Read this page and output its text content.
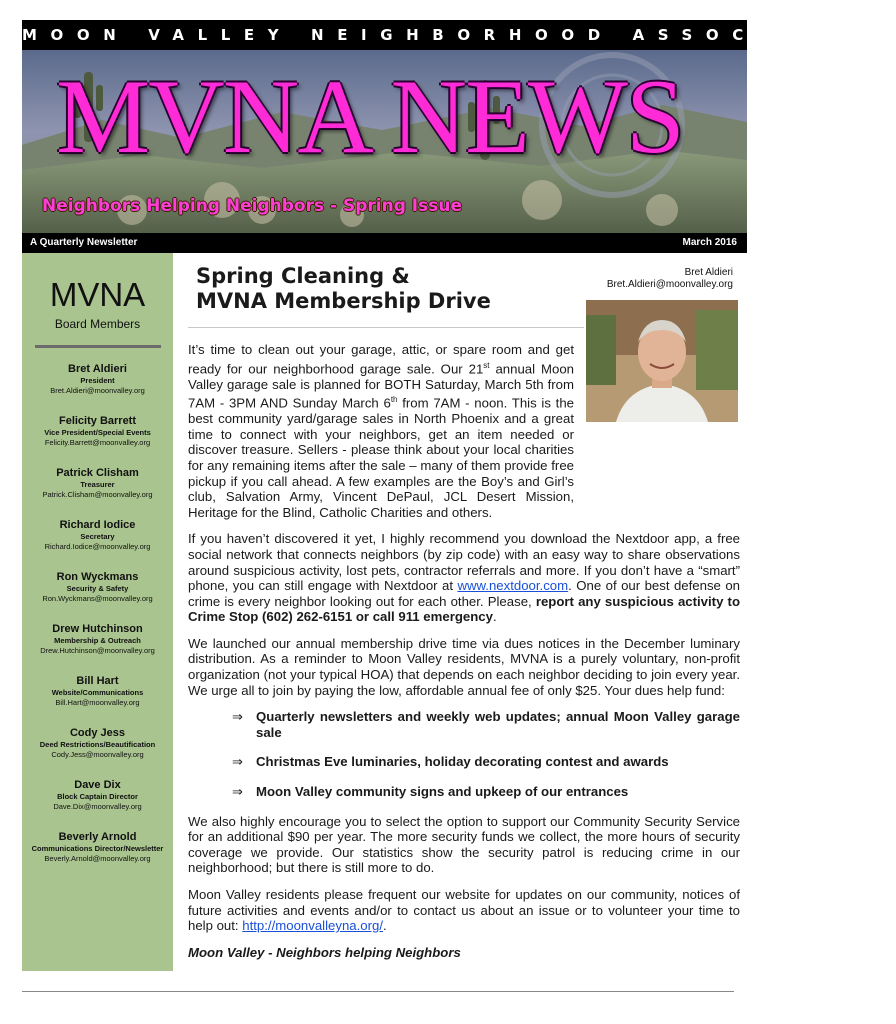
MOON VALLEY NEIGHBORHOOD ASSOCIATION
MVNA NEWS
Neighbors Helping Neighbors - Spring Issue
A Quarterly Newsletter	March 2016
MVNA
Board Members
Bret Aldieri
President
Bret.Aldieri@moonvalley.org
Felicity Barrett
Vice President/Special Events
Felicity.Barrett@moonvalley.org
Patrick Clisham
Treasurer
Patrick.Clisham@moonvalley.org
Richard Iodice
Secretary
Richard.Iodice@moonvalley.org
Ron Wyckmans
Security & Safety
Ron.Wyckmans@moonvalley.org
Drew Hutchinson
Membership & Outreach
Drew.Hutchinson@moonvalley.org
Bill Hart
Website/Communications
Bill.Hart@moonvalley.org
Cody Jess
Deed Restrictions/Beautification
Cody.Jess@moonvalley.org
Dave Dix
Block Captain Director
Dave.Dix@moonvalley.org
Beverly Arnold
Communications Director/Newsletter
Beverly.Arnold@moonvalley.org
Spring Cleaning &
MVNA Membership Drive
Bret Aldieri
Bret.Aldieri@moonvalley.org

It’s time to clean out your garage, attic, or spare room and get ready for our neighborhood garage sale. Our 21st annual Moon Valley garage sale is planned for BOTH Saturday, March 5th from 7AM - 3PM AND Sunday March 6th from 7AM - noon. This is the best community yard/garage sales in North Phoenix and a great time to connect with your neighbors, get an item needed or discover treasure. Sellers - please think about your local charities for any remaining items after the sale – many of them provide free pickup if you call ahead. A few examples are the Boy’s and Girl’s club, Salvation Army, Vincent DePaul, JCL Desert Mission, Heritage for the Blind, Catholic Charities and others.

If you haven’t discovered it yet, I highly recommend you download the Nextdoor app, a free social network that connects neighbors (by zip code) with an easy way to share observations around suspicious activity, lost pets, contractor referrals and more. If you don’t have a “smart” phone, you can still engage with Nextdoor at www.nextdoor.com. One of our best defense on crime is every neighbor looking out for each other. Please, report any suspicious activity to Crime Stop (602) 262-6151 or call 911 emergency.

We launched our annual membership drive time via dues notices in the December luminary distribution. As a reminder to Moon Valley residents, MVNA is a purely voluntary, non-profit organization (not your typical HOA) that depends on each neighbor deciding to join every year. We urge all to join by paying the low, affordable annual fee of only $25. Your dues help fund:

⇒ Quarterly newsletters and weekly web updates; annual Moon Valley garage sale
⇒ Christmas Eve luminaries, holiday decorating contest and awards
⇒ Moon Valley community signs and upkeep of our entrances

We also highly encourage you to select the option to support our Community Security Service for an additional $90 per year. The more security funds we collect, the more hours of security coverage we provide. Our statistics show the security patrol is reducing crime in our neighborhood; but there is still more to do.

Moon Valley residents please frequent our website for updates on our community, notices of future activities and events and/or to contact us about an issue or to volunteer your time to help out: http://moonvalleyna.org/.

Moon Valley - Neighbors helping Neighbors
